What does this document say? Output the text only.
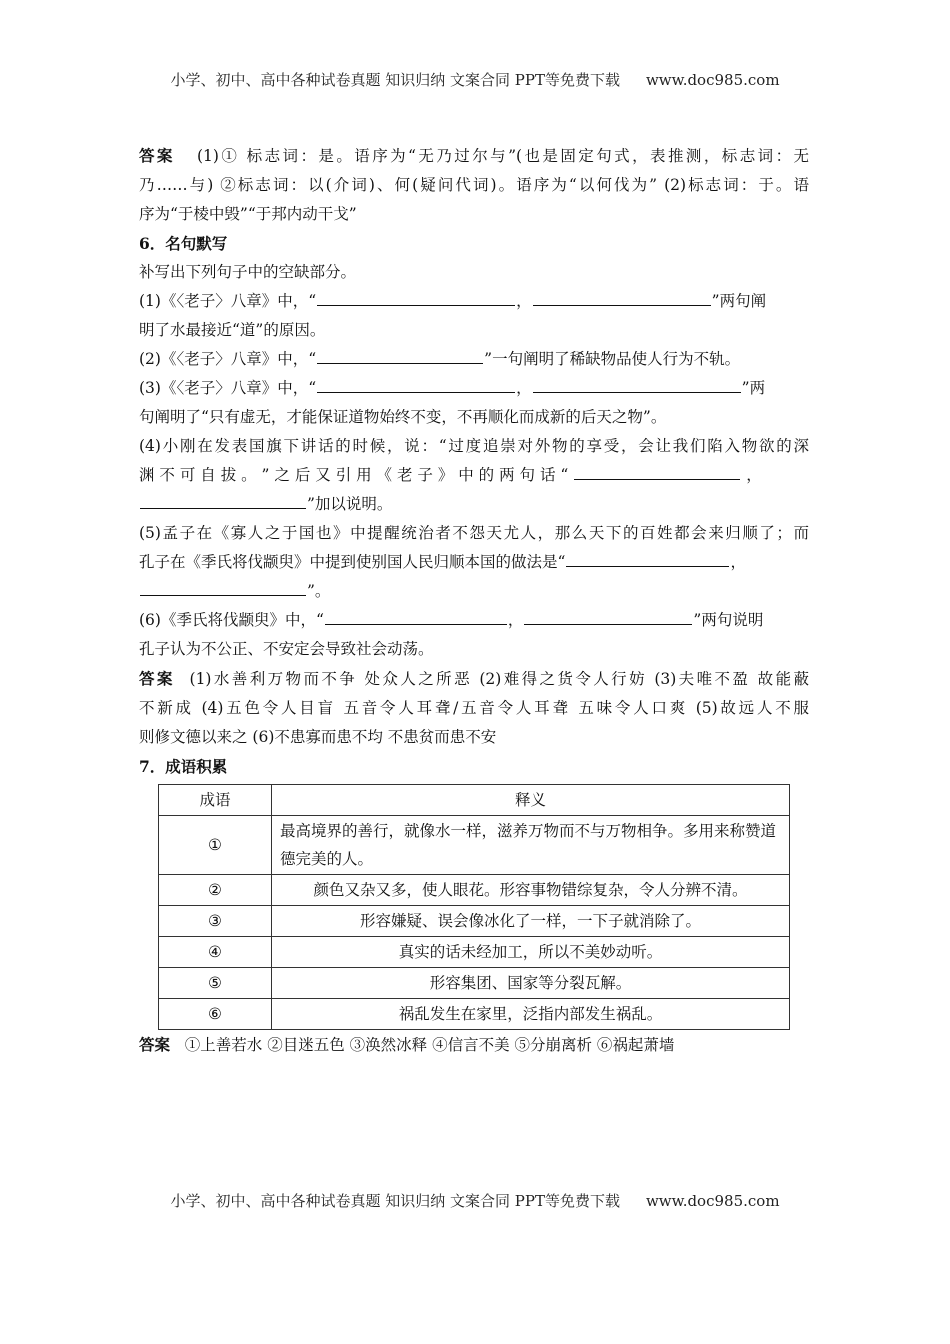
小学、初中、高中各种试卷真题 知识归纳 文案合同 PPT等免费下载 www.doc985.com

答案 (1)① 标志词：是。语序为“无乃过尔与”(也是固定句式，表推测，标志词：无

乃……与) ②标志词：以(介词)、何(疑问代词)。语序为“以何伐为” (2)标志词：于。语

序为“于棱中毁”“于邦内动干戈”

6．名句默写

补写出下列句子中的空缺部分。

(1)《〈老子〉八章》中，“	，	”两句阐

明了水最接近“道”的原因。

(2)《〈老子〉八章》中，“	”一句阐明了稀缺物品使人行为不轨。

(3)《〈老子〉八章》中，“	，	”两

句阐明了“只有虚无，才能保证道物始终不变，不再顺化而成新的后天之物”。

(4)小刚在发表国旗下讲话的时候，说：“过度追崇对外物的享受，会让我们陷入物欲的深

渊 不 可 自 拔 。 ” 之 后 又 引 用 《 老 子 》 中 的 两 句 话 “	，

”加以说明。

(5)孟子在《寡人之于国也》中提醒统治者不怨天尤人，那么天下的百姓都会来归顺了；而

孔子在《季氏将伐颛臾》中提到使别国人民归顺本国的做法是“	，

”。

(6)《季氏将伐颛臾》中，“	，	”两句说明

孔子认为不公正、不安定会导致社会动荡。

答案 (1)水善利万物而不争 处众人之所恶 (2)难得之货令人行妨 (3)夫唯不盈 故能蔽

不新成 (4)五色令人目盲 五音令人耳聋/五音令人耳聋 五味令人口爽 (5)故远人不服

则修文德以来之 (6)不患寡而患不均 不患贫而患不安

7．成语积累

成语	释义
①	最高境界的善行，就像水一样，滋养万物而不与万物相争。多用来称赞道德完美的人。
②	颜色又杂又多，使人眼花。形容事物错综复杂，令人分辨不清。
③	形容嫌疑、误会像冰化了一样，一下子就消除了。
④	真实的话未经加工，所以不美妙动听。
⑤	形容集团、国家等分裂瓦解。
⑥	祸乱发生在家里，泛指内部发生祸乱。

答案 ①上善若水 ②目迷五色 ③涣然冰释 ④信言不美 ⑤分崩离析 ⑥祸起萧墙

小学、初中、高中各种试卷真题 知识归纳 文案合同 PPT等免费下载 www.doc985.com
